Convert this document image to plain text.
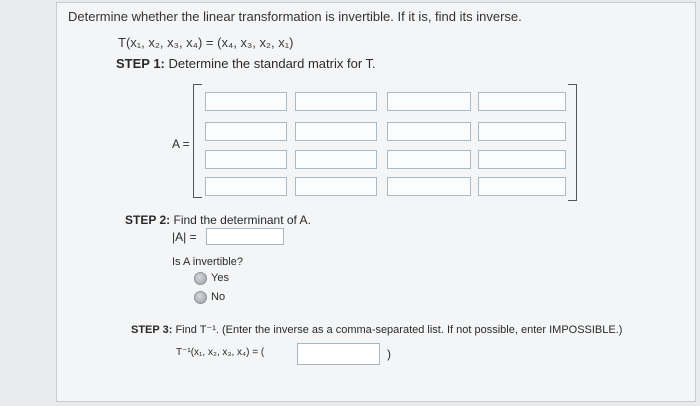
Determine whether the linear transformation is invertible. If it is, find its inverse.
T(x₁, x₂, x₃, x₄) = (x₄, x₃, x₂, x₁)
STEP 1: Determine the standard matrix for T.
A =
STEP 2: Find the determinant of A.
|A| =
Is A invertible?
Yes
No
STEP 3: Find T⁻¹. (Enter the inverse as a comma-separated list. If not possible, enter IMPOSSIBLE.)
T⁻¹(x₁, x₂, x₃, x₄) = (	)
